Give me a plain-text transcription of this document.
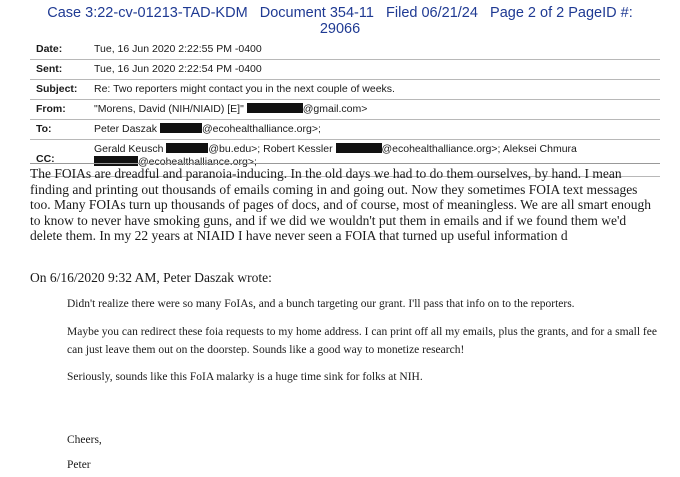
Case 3:22-cv-01213-TAD-KDM Document 354-11 Filed 06/21/24 Page 2 of 2 PageID #:
29066
Date:	Tue, 16 Jun 2020 2:22:55 PM -0400
Sent:	Tue, 16 Jun 2020 2:22:54 PM -0400
Subject:	Re: Two reporters might contact you in the next couple of weeks.
From:	"Morens, David (NIH/NIAID) [E]"	@gmail.com>
To:	Peter Daszak	@ecohealthalliance.org>;
CC:
Gerald Keusch	@bu.edu>; Robert Kessler	@ecohealthalliance.org>; Aleksei Chmura
@ecohealthalliance.org>;
The FOIAs are dreadful and paranoia-inducing. In the old days we had to do them ourselves, by hand. I mean finding and printing out thousands of emails coming in and going out. Now they sometimes FOIA text messages too. Many FOIAs turn up thousands of pages of docs, and of course, most of meaningless. We are all smart enough to know to never have smoking guns, and if we did we wouldn't put them in emails and if we found them we'd delete them. In my 22 years at NIAID I have never seen a FOIA that turned up useful information d
On 6/16/2020 9:32 AM, Peter Daszak wrote:
Didn't realize there were so many FoIAs, and a bunch targeting our grant. I'll pass that info on to the reporters.
Maybe you can redirect these foia requests to my home address. I can print off all my emails, plus the grants, and for a small fee can just leave them out on the doorstep. Sounds like a good way to monetize research!
Seriously, sounds like this FoIA malarky is a huge time sink for folks at NIH.
Cheers,
Peter
